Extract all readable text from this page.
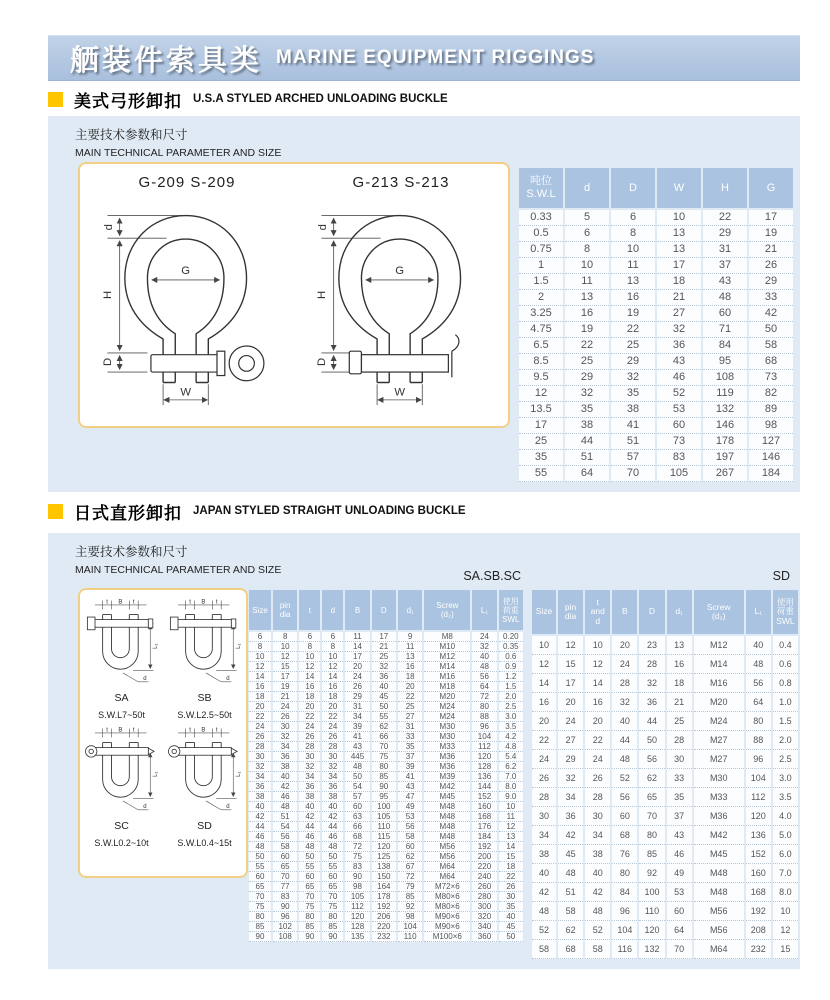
舾装件索具类 MARINE EQUIPMENT RIGGINGS
美式弓形卸扣 U.S.A STYLED ARCHED UNLOADING BUCKLE
主要技术参数和尺寸
MAIN TECHNICAL PARAMETER AND SIZE
G-209 S-209
d
H
D
G
W
G-213 S-213
d
H
D
G
W
吨位
S.W.L	d	D	W	H	G
0.33	5	6	10	22	17
0.5	6	8	13	29	19
0.75	8	10	13	31	21
1	10	11	17	37	26
1.5	11	13	18	43	29
2	13	16	21	48	33
3.25	16	19	27	60	42
4.75	19	22	32	71	50
6.5	22	25	36	84	58
8.5	25	29	43	95	68
9.5	29	32	46	108	73
12	32	35	52	119	82
13.5	35	38	53	132	89
17	38	41	60	146	98
25	44	51	73	178	127
35	51	57	83	197	146
55	64	70	105	267	184
日式直形卸扣 JAPAN STYLED STRAIGHT UNLOADING BUCKLE
主要技术参数和尺寸
MAIN TECHNICAL PARAMETER AND SIZE	SA.SB.SC	SD
t B t
L₁
d
SA
S.W.L7~50t
t B t
L₁
d
SB
S.W.L2.5~50t
t B t
L₁
d
SC
S.W.L0.2~10t
t B t
L₁
d
SD
S.W.L0.4~15t
Size	pin
dia	t	d	B	D	d₁	Screw
(d₂)	L₁	使用
荷重
SWL
6	8	6	6	11	17	9	M8	24	0.20
8	10	8	8	14	21	11	M10	32	0.35
10	12	10	10	17	25	13	M12	40	0.6
12	15	12	12	20	32	16	M14	48	0.9
14	17	14	14	24	36	18	M16	56	1.2
16	19	16	16	26	40	20	M18	64	1.5
18	21	18	18	29	45	22	M20	72	2.0
20	24	20	20	31	50	25	M24	80	2.5
22	26	22	22	34	55	27	M24	88	3.0
24	30	24	24	39	62	31	M30	96	3.5
26	32	26	26	41	66	33	M30	104	4.2
28	34	28	28	43	70	35	M33	112	4.8
30	36	30	30	445	75	37	M36	120	5.4
32	38	32	32	48	80	39	M36	128	6.2
34	40	34	34	50	85	41	M39	136	7.0
36	42	36	36	54	90	43	M42	144	8.0
38	46	38	38	57	95	47	M45	152	9.0
40	48	40	40	60	100	49	M48	160	10
42	51	42	42	63	105	53	M48	168	11
44	54	44	44	66	110	56	M48	176	12
46	56	46	46	68	115	58	M48	184	13
48	58	48	48	72	120	60	M56	192	14
50	60	50	50	75	125	62	M56	200	15
55	65	55	55	83	138	67	M64	220	18
60	70	60	60	90	150	72	M64	240	22
65	77	65	65	98	164	79	M72×6	260	26
70	83	70	70	105	178	85	M80×6	280	30
75	90	75	75	112	192	92	M80×6	300	35
80	96	80	80	120	206	98	M90×6	320	40
85	102	85	85	128	220	104	M90×6	340	45
90	108	90	90	135	232	110	M100×6	360	50
Size	pin
dia	t
and
d	B	D	d₁	Screw
(d₂)	L₁	使用
荷重
SWL
10	12	10	20	23	13	M12	40	0.4
12	15	12	24	28	16	M14	48	0.6
14	17	14	28	32	18	M16	56	0.8
16	20	16	32	36	21	M20	64	1.0
20	24	20	40	44	25	M24	80	1.5
22	27	22	44	50	28	M27	88	2.0
24	29	24	48	56	30	M27	96	2.5
26	32	26	52	62	33	M30	104	3.0
28	34	28	56	65	35	M33	112	3.5
30	36	30	60	70	37	M36	120	4.0
34	42	34	68	80	43	M42	136	5.0
38	45	38	76	85	46	M45	152	6.0
40	48	40	80	92	49	M48	160	7.0
42	51	42	84	100	53	M48	168	8.0
48	58	48	96	110	60	M56	192	10
52	62	52	104	120	64	M56	208	12
58	68	58	116	132	70	M64	232	15
